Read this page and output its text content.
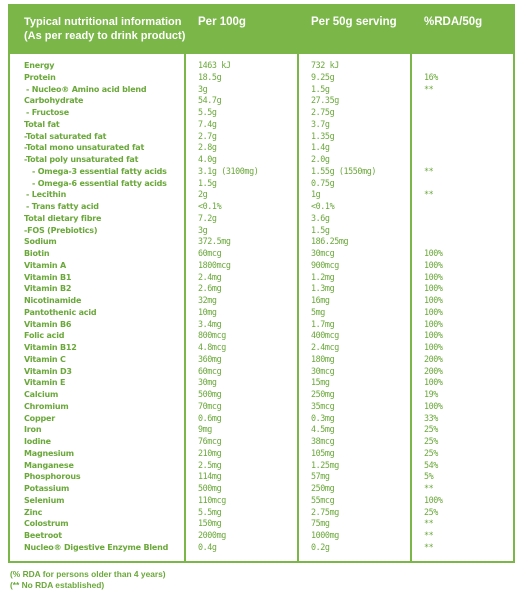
Typical nutritional information
(As per ready to drink product)
Per 100g	Per 50g serving	%RDA/50g
Energy
Protein
- Nucleo® Amino acid blend
Carbohydrate
- Fructose
Total fat
-Total saturated fat
-Total mono unsaturated fat
-Total poly unsaturated fat
- Omega-3 essential fatty acids
- Omega-6 essential fatty acids
- Lecithin
- Trans fatty acid
Total dietary fibre
-FOS (Prebiotics)
Sodium
Biotin
Vitamin A
Vitamin B1
Vitamin B2
Nicotinamide
Pantothenic acid
Vitamin B6
Folic acid
Vitamin B12
Vitamin C
Vitamin D3
Vitamin E
Calcium
Chromium
Copper
Iron
Iodine
Magnesium
Manganese
Phosphorous
Potassium
Selenium
Zinc
Colostrum
Beetroot
Nucleo® Digestive Enzyme Blend
1463 kJ
18.5g
3g
54.7g
5.5g
7.4g
2.7g
2.8g
4.0g
3.1g (3100mg)
1.5g
2g
<0.1%
7.2g
3g
372.5mg
60mcg
1800mcg
2.4mg
2.6mg
32mg
10mg
3.4mg
800mcg
4.8mcg
360mg
60mcg
30mg
500mg
70mcg
0.6mg
9mg
76mcg
210mg
2.5mg
114mg
500mg
110mcg
5.5mg
150mg
2000mg
0.4g
732 kJ
9.25g
1.5g
27.35g
2.75g
3.7g
1.35g
1.4g
2.0g
1.55g (1550mg)
0.75g
1g
<0.1%
3.6g
1.5g
186.25mg
30mcg
900mcg
1.2mg
1.3mg
16mg
5mg
1.7mg
400mcg
2.4mcg
180mg
30mcg
15mg
250mg
35mcg
0.3mg
4.5mg
38mcg
105mg
1.25mg
57mg
250mg
55mcg
2.75mg
75mg
1000mg
0.2g
16%
**
**
**
100%
100%
100%
100%
100%
100%
100%
100%
100%
200%
200%
100%
19%
100%
33%
25%
25%
25%
54%
5%
**
100%
25%
**
**
**
(% RDA for persons older than 4 years)
(** No RDA established)
